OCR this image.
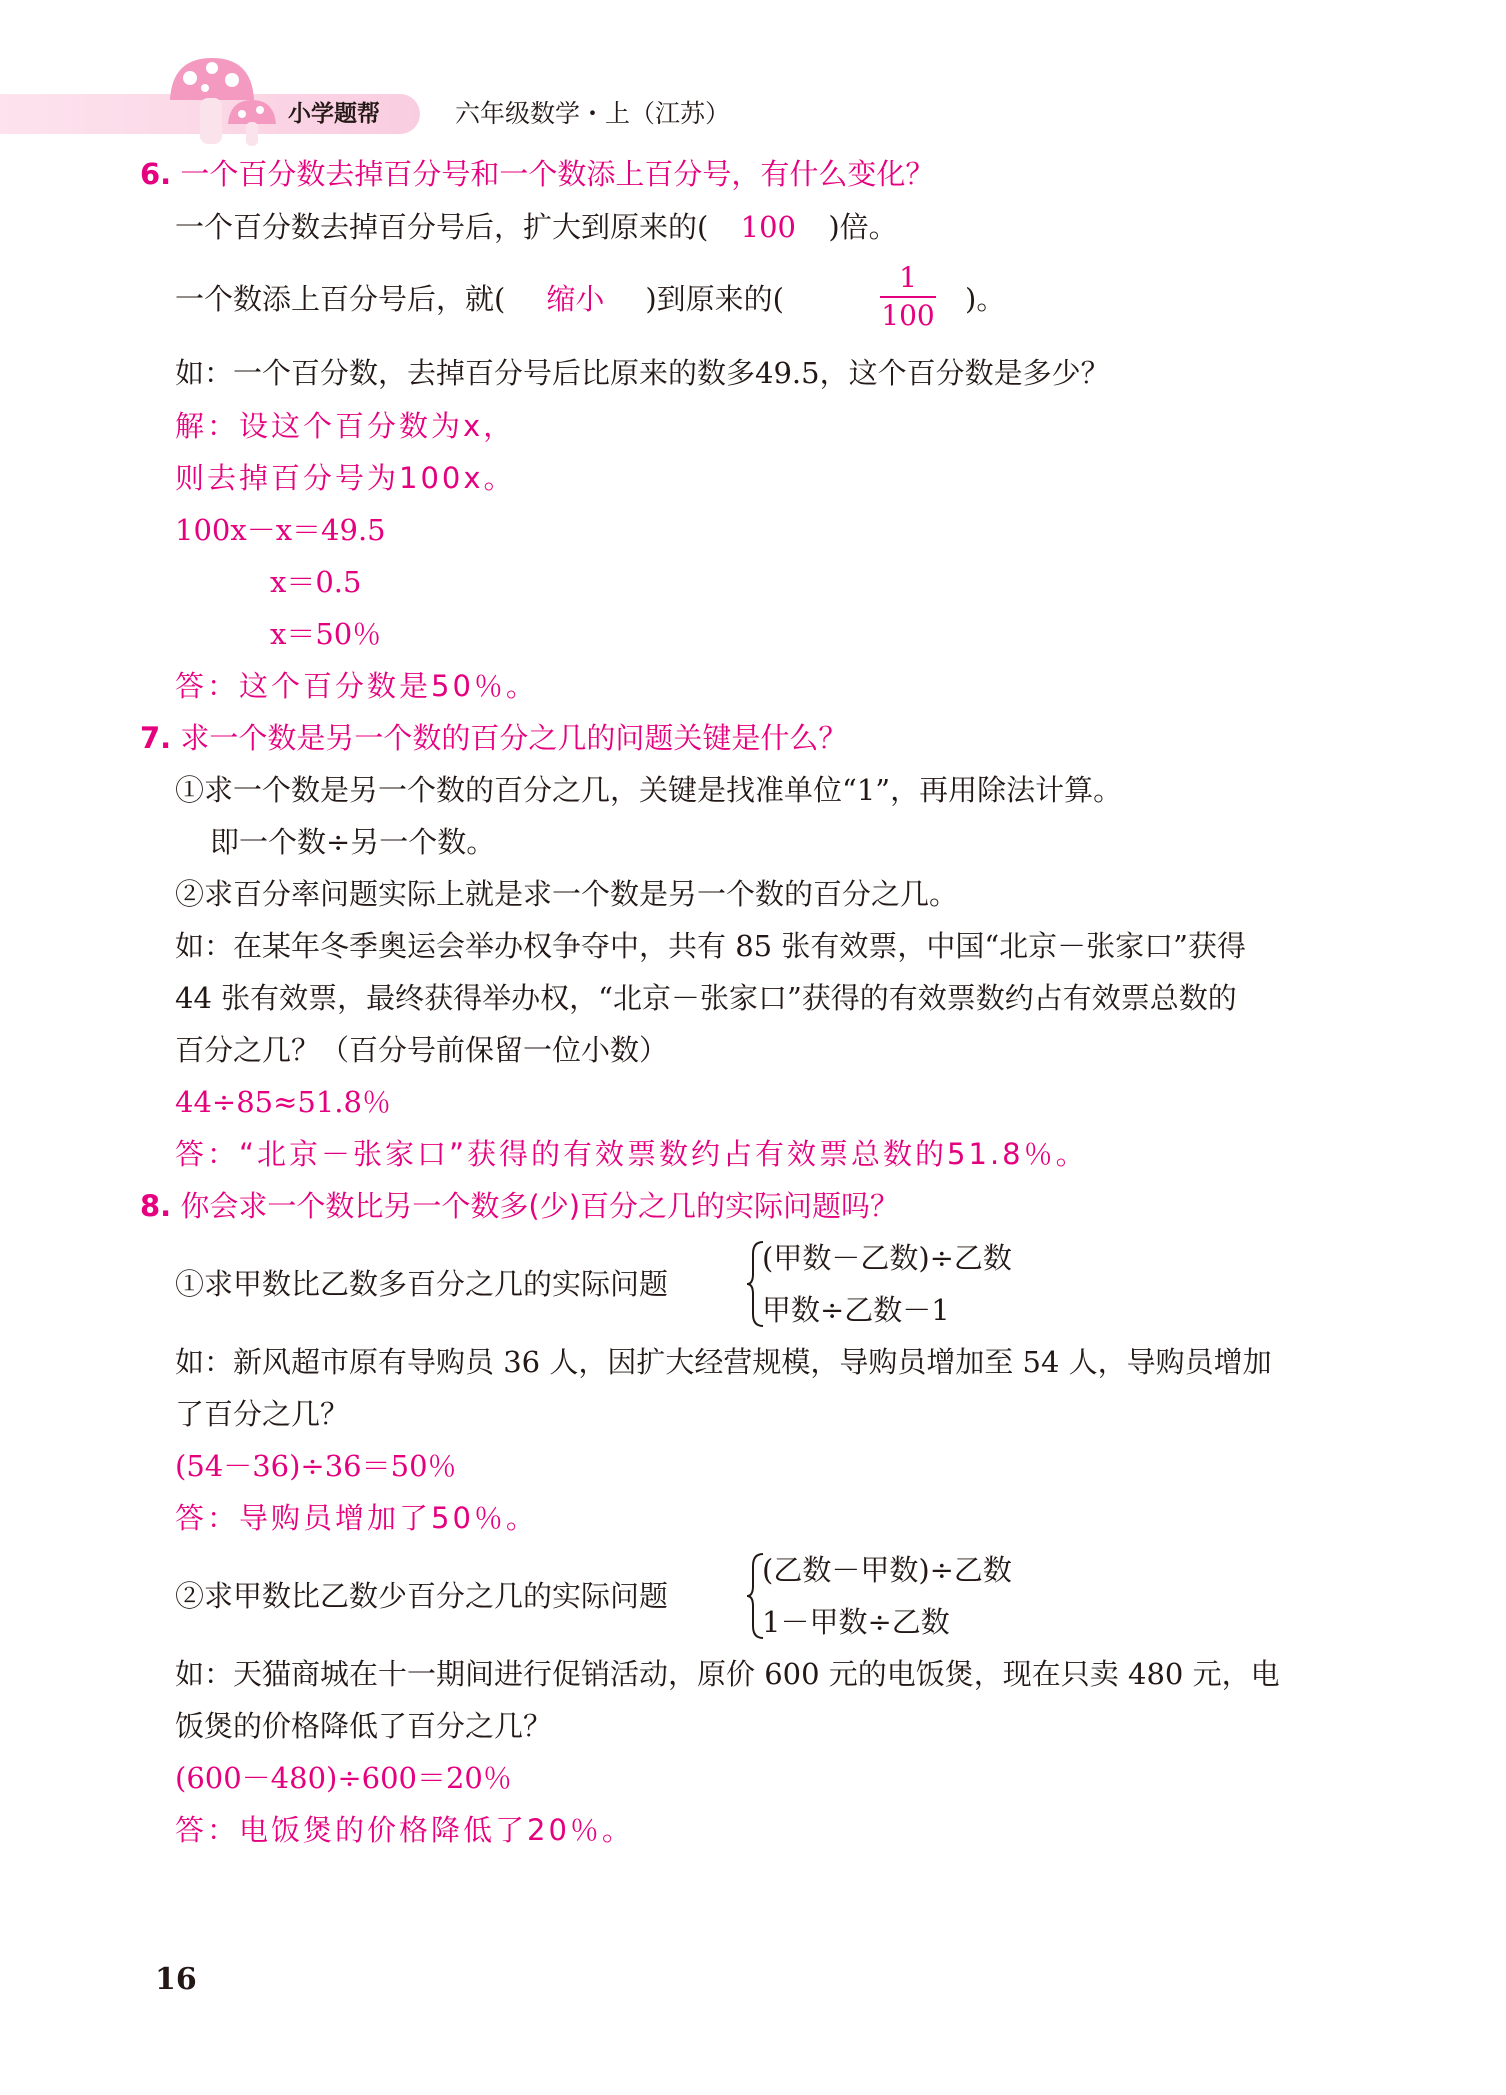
小学题帮	六年级数学・上（江苏）
6. 一个百分数去掉百分号和一个数添上百分号，有什么变化？
一个百分数去掉百分号后，扩大到原来的( 100 )倍。
一个数添上百分号后，就( 缩小 )到原来的(
1
100 )。
如：一个百分数，去掉百分号后比原来的数多49.5，这个百分数是多少？
解：设这个百分数为x，
则去掉百分号为100x。
100x－x＝49.5
x＝0.5
x＝50％
答：这个百分数是50％。
7. 求一个数是另一个数的百分之几的问题关键是什么？
①求一个数是另一个数的百分之几，关键是找准单位“1”，再用除法计算。
即一个数÷另一个数。
②求百分率问题实际上就是求一个数是另一个数的百分之几。
如：在某年冬季奥运会举办权争夺中，共有 85 张有效票，中国“北京－张家口”获得
44 张有效票，最终获得举办权，“北京－张家口”获得的有效票数约占有效票总数的
百分之几？（百分号前保留一位小数）
44÷85≈51.8％
答：“北京－张家口”获得的有效票数约占有效票总数的51.8％。
8. 你会求一个数比另一个数多(少)百分之几的实际问题吗？
①求甲数比乙数多百分之几的实际问题
(甲数－乙数)÷乙数
甲数÷乙数－1
如：新风超市原有导购员 36 人，因扩大经营规模，导购员增加至 54 人，导购员增加
了百分之几？
(54－36)÷36＝50％
答：导购员增加了50％。
②求甲数比乙数少百分之几的实际问题
(乙数－甲数)÷乙数
1－甲数÷乙数
如：天猫商城在十一期间进行促销活动，原价 600 元的电饭煲，现在只卖 480 元，电
饭煲的价格降低了百分之几？
(600－480)÷600＝20％
答：电饭煲的价格降低了20％。
16
